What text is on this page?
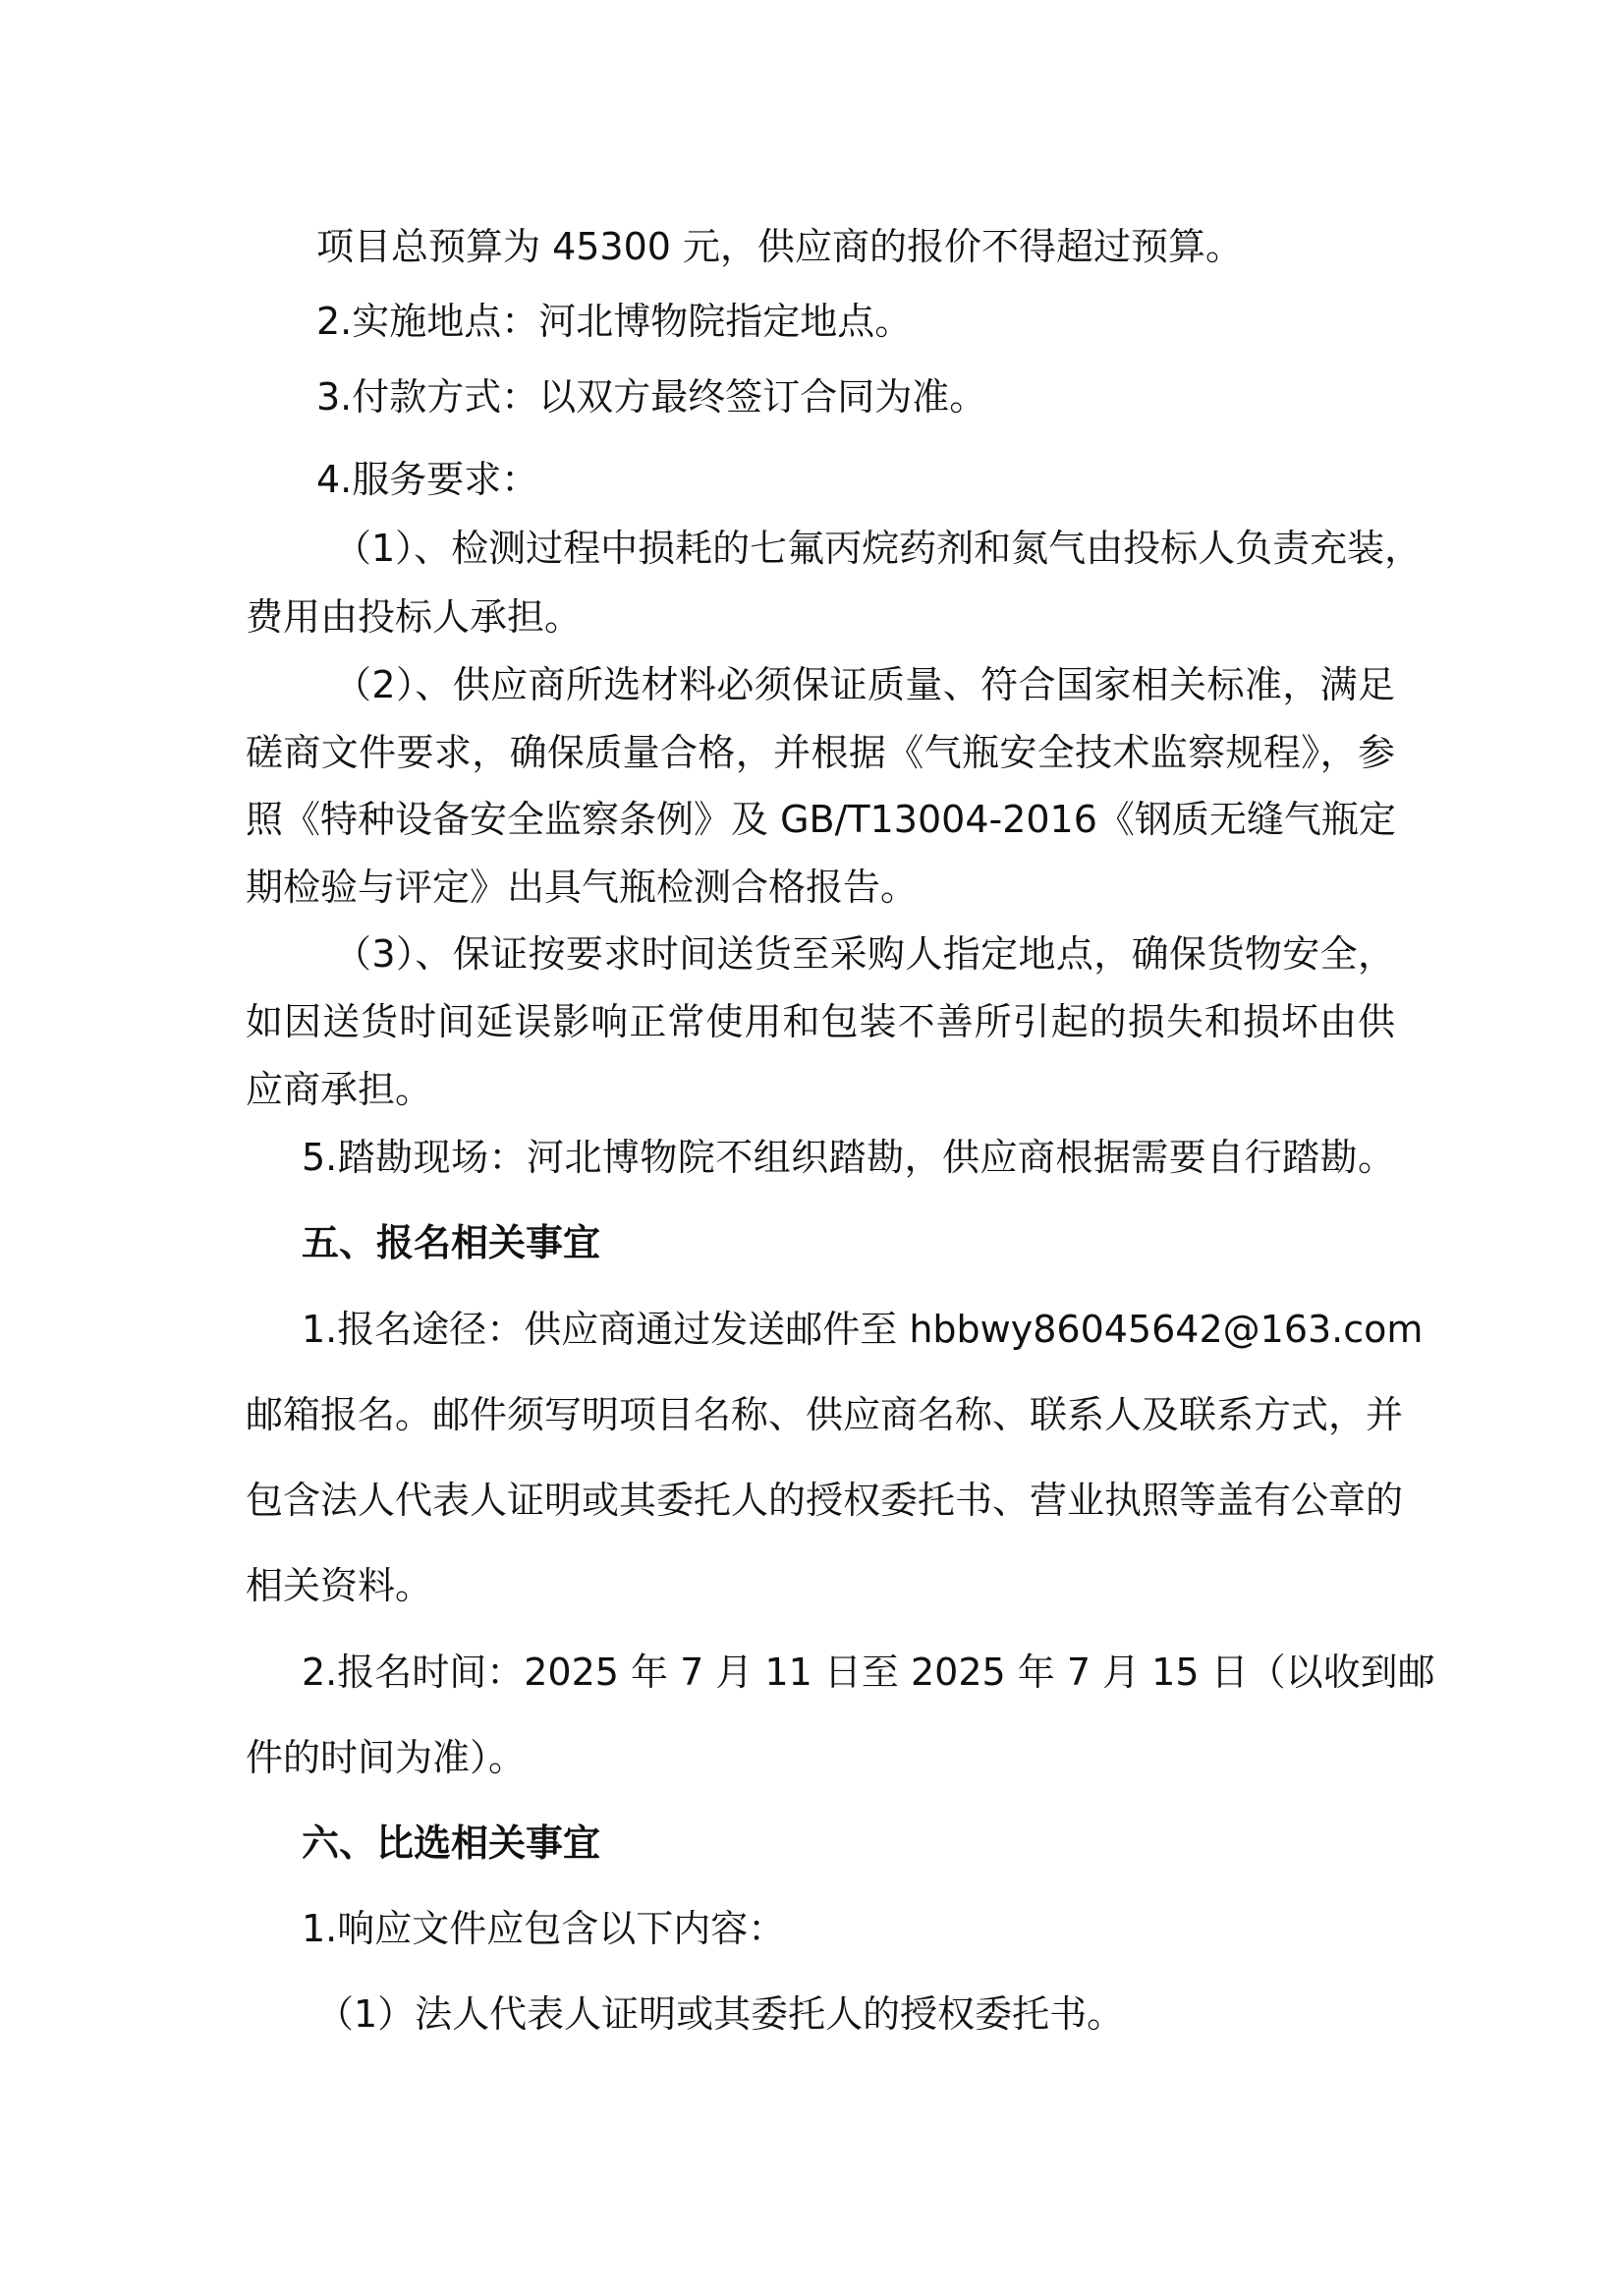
项目总预算为 45300 元，供应商的报价不得超过预算。

2.实施地点：河北博物院指定地点。

3.付款方式：以双方最终签订合同为准。

4.服务要求：

（1）、检测过程中损耗的七氟丙烷药剂和氮气由投标人负责充装，

费用由投标人承担。

（2）、供应商所选材料必须保证质量、符合国家相关标准，满足

磋商文件要求，确保质量合格，并根据《气瓶安全技术监察规程》，参

照《特种设备安全监察条例》及 GB/T13004-2016《钢质无缝气瓶定

期检验与评定》出具气瓶检测合格报告。

（3）、保证按要求时间送货至采购人指定地点，确保货物安全，

如因送货时间延误影响正常使用和包装不善所引起的损失和损坏由供

应商承担。

5.踏勘现场：河北博物院不组织踏勘，供应商根据需要自行踏勘。

五、报名相关事宜

1.报名途径：供应商通过发送邮件至 hbbwy86045642@163.com

邮箱报名。邮件须写明项目名称、供应商名称、联系人及联系方式，并

包含法人代表人证明或其委托人的授权委托书、营业执照等盖有公章的

相关资料。

2.报名时间：2025 年 7 月 11 日至 2025 年 7 月 15 日（以收到邮

件的时间为准）。

六、比选相关事宜

1.响应文件应包含以下内容：

（1）法人代表人证明或其委托人的授权委托书。
